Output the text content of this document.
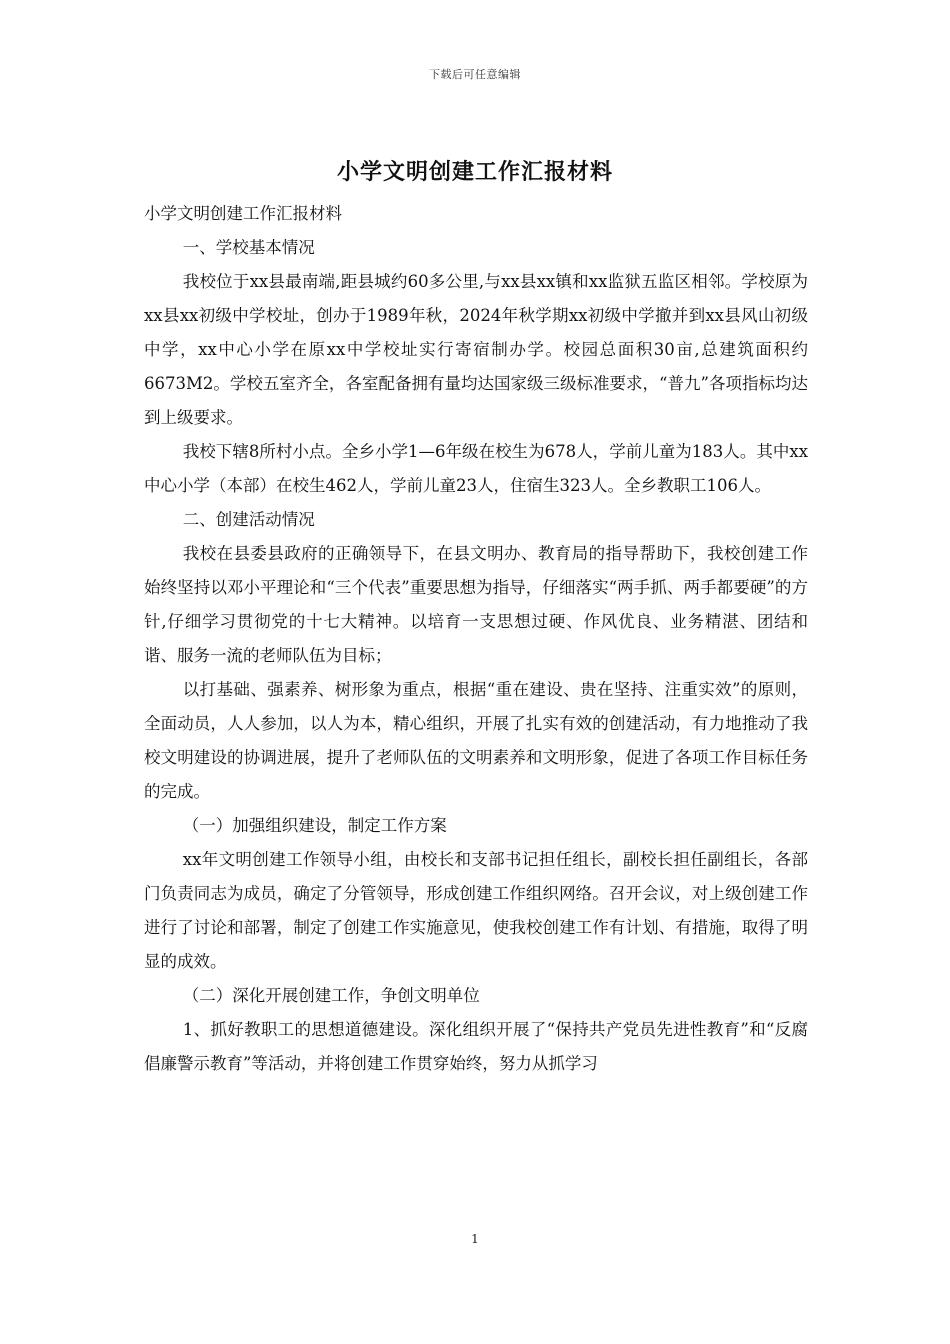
下载后可任意编辑
小学文明创建工作汇报材料

小学文明创建工作汇报材料

一、学校基本情况

我校位于xx县最南端,距县城约60多公里,与xx县xx镇和xx监狱五监区相邻。学校原为xx县xx初级中学校址，创办于1989年秋，2024年秋学期xx初级中学撤并到xx县风山初级中学，xx中心小学在原xx中学校址实行寄宿制办学。校园总面积30亩,总建筑面积约6673M2。学校五室齐全，各室配备拥有量均达国家级三级标准要求，“普九”各项指标均达到上级要求。

我校下辖8所村小点。全乡小学1—6年级在校生为678人，学前儿童为183人。其中xx中心小学（本部）在校生462人，学前儿童23人，住宿生323人。全乡教职工106人。

二、创建活动情况

我校在县委县政府的正确领导下，在县文明办、教育局的指导帮助下，我校创建工作始终坚持以邓小平理论和“三个代表”重要思想为指导，仔细落实“两手抓、两手都要硬”的方针,仔细学习贯彻党的十七大精神。以培育一支思想过硬、作风优良、业务精湛、团结和谐、服务一流的老师队伍为目标；

以打基础、强素养、树形象为重点，根据“重在建设、贵在坚持、注重实效”的原则，全面动员，人人参加，以人为本，精心组织，开展了扎实有效的创建活动，有力地推动了我校文明建设的协调进展，提升了老师队伍的文明素养和文明形象，促进了各项工作目标任务的完成。

（一）加强组织建设，制定工作方案

xx年文明创建工作领导小组，由校长和支部书记担任组长，副校长担任副组长，各部门负责同志为成员，确定了分管领导，形成创建工作组织网络。召开会议，对上级创建工作进行了讨论和部署，制定了创建工作实施意见，使我校创建工作有计划、有措施，取得了明显的成效。

（二）深化开展创建工作，争创文明单位

1、抓好教职工的思想道德建设。深化组织开展了“保持共产党员先进性教育”和“反腐倡廉警示教育”等活动，并将创建工作贯穿始终，努力从抓学习

1
